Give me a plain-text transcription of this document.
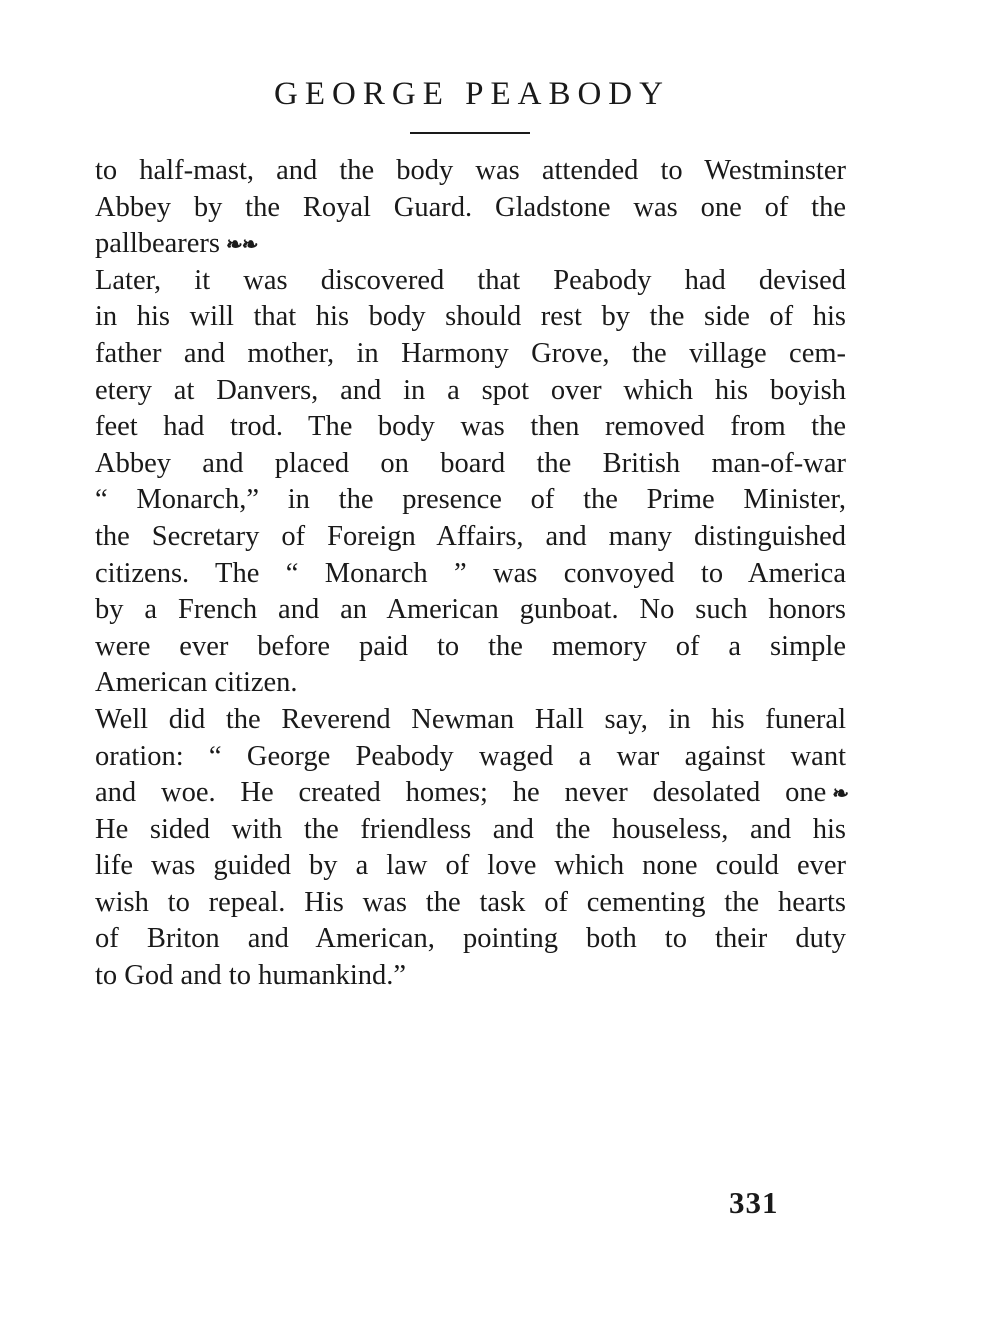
GEORGE PEABODY
to half-mast, and the body was attended to Westminster
Abbey by the Royal Guard. Gladstone was one of the
pallbearers ❧ ❧
Later, it was discovered that Peabody had devised
in his will that his body should rest by the side of his
father and mother, in Harmony Grove, the village cem-
etery at Danvers, and in a spot over which his boyish
feet had trod. The body was then removed from the
Abbey and placed on board the British man-of-war
“ Monarch,” in the presence of the Prime Minister,
the Secretary of Foreign Affairs, and many distinguished
citizens. The “ Monarch ” was convoyed to America
by a French and an American gunboat. No such honors
were ever before paid to the memory of a simple
American citizen.
Well did the Reverend Newman Hall say, in his funeral
oration: “ George Peabody waged a war against want
and woe. He created homes; he never desolated one ❧
He sided with the friendless and the houseless, and his
life was guided by a law of love which none could ever
wish to repeal. His was the task of cementing the hearts
of Briton and American, pointing both to their duty
to God and to humankind.”
331
